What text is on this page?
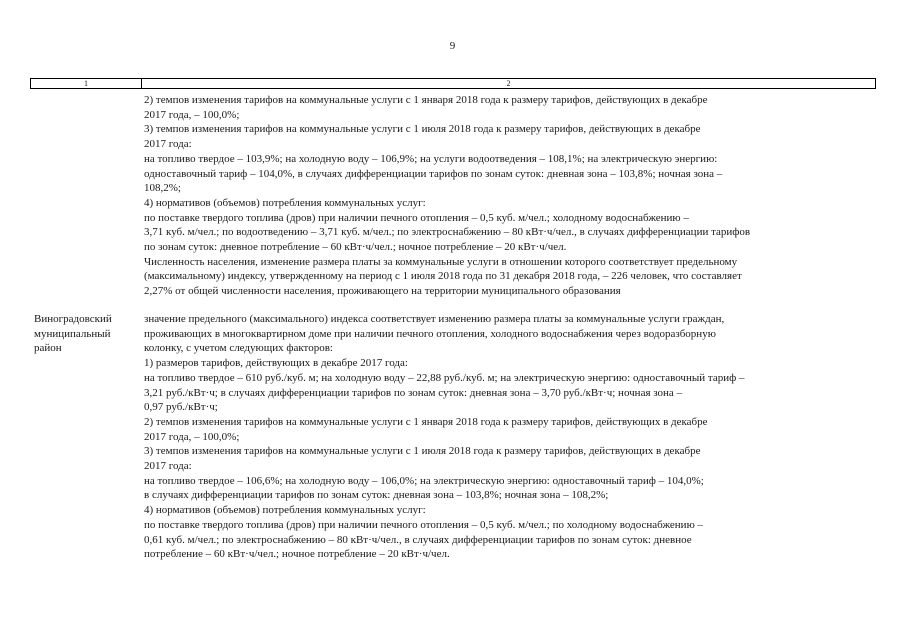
9
1	2
2) темпов изменения тарифов на коммунальные услуги с 1 января 2018 года к размеру тарифов, действующих в декабре
2017 года, – 100,0%;
3) темпов изменения тарифов на коммунальные услуги с 1 июля 2018 года к размеру тарифов, действующих в декабре
2017 года:
на топливо твердое – 103,9%; на холодную воду – 106,9%; на услуги водоотведения – 108,1%; на электрическую энергию:
одноставочный тариф – 104,0%, в случаях дифференциации тарифов по зонам суток: дневная зона – 103,8%; ночная зона –
108,2%;
4) нормативов (объемов) потребления коммунальных услуг:
по поставке твердого топлива (дров) при наличии печного отопления – 0,5 куб. м/чел.; холодному водоснабжению –
3,71 куб. м/чел.; по водоотведению – 3,71 куб. м/чел.; по электроснабжению – 80 кВт·ч/чел., в случаях дифференциации тарифов
по зонам суток: дневное потребление – 60 кВт·ч/чел.; ночное потребление – 20 кВт·ч/чел.
Численность населения, изменение размера платы за коммунальные услуги в отношении которого соответствует предельному
(максимальному) индексу, утвержденному на период с 1 июля 2018 года по 31 декабря 2018 года, – 226 человек, что составляет
2,27% от общей численности населения, проживающего на территории муниципального образования
Виноградовский
муниципальный
район
значение предельного (максимального) индекса соответствует изменению размера платы за коммунальные услуги граждан,
проживающих в многоквартирном доме при наличии печного отопления, холодного водоснабжения через водоразборную
колонку, с учетом следующих факторов:
1) размеров тарифов, действующих в декабре 2017 года:
на топливо твердое – 610 руб./куб. м; на холодную воду – 22,88 руб./куб. м; на электрическую энергию: одноставочный тариф –
3,21 руб./кВт·ч; в случаях дифференциации тарифов по зонам суток: дневная зона – 3,70 руб./кВт·ч; ночная зона –
0,97 руб./кВт·ч;
2) темпов изменения тарифов на коммунальные услуги с 1 января 2018 года к размеру тарифов, действующих в декабре
2017 года, – 100,0%;
3) темпов изменения тарифов на коммунальные услуги с 1 июля 2018 года к размеру тарифов, действующих в декабре
2017 года:
на топливо твердое – 106,6%; на холодную воду – 106,0%; на электрическую энергию: одноставочный тариф – 104,0%;
в случаях дифференциации тарифов по зонам суток: дневная зона – 103,8%; ночная зона – 108,2%;
4) нормативов (объемов) потребления коммунальных услуг:
по поставке твердого топлива (дров) при наличии печного отопления – 0,5 куб. м/чел.; по холодному водоснабжению –
0,61 куб. м/чел.; по электроснабжению – 80 кВт·ч/чел., в случаях дифференциации тарифов по зонам суток: дневное
потребление – 60 кВт·ч/чел.; ночное потребление – 20 кВт·ч/чел.
